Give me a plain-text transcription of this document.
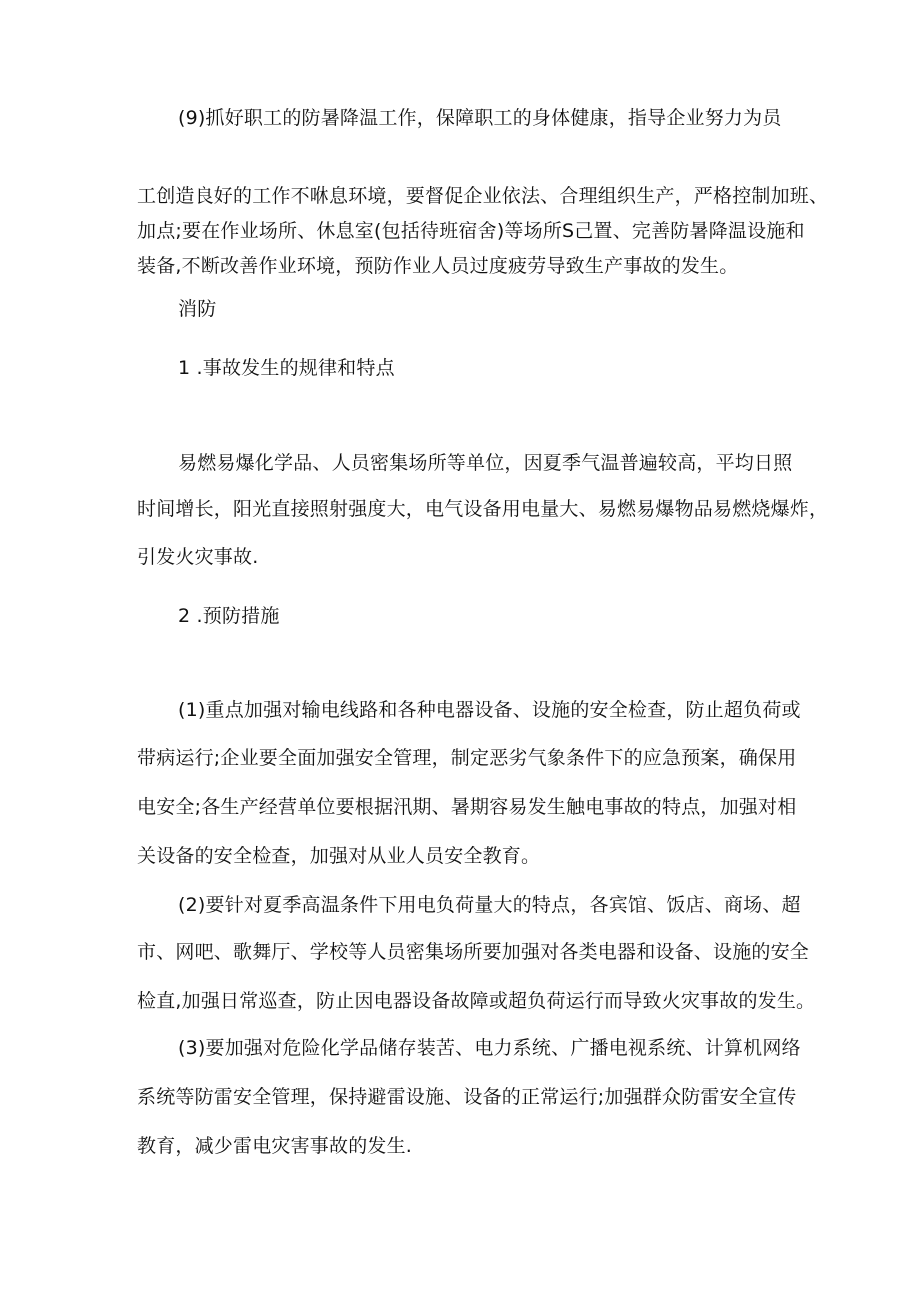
(9)抓好职工的防暑降温工作，保障职工的身体健康，指导企业努力为员
工创造良好的工作不咻息环境，要督促企业依法、合理组织生产，严格控制加班、
加点;要在作业场所、休息室(包括待班宿舍)等场所S己置、完善防暑降温设施和
装备,不断改善作业环境，预防作业人员过度疲劳导致生产事故的发生。
消防
1 .事故发生的规律和特点
易燃易爆化学品、人员密集场所等单位，因夏季气温普遍较高，平均日照
时间增长，阳光直接照射强度大，电气设备用电量大、易燃易爆物品易燃烧爆炸，
引发火灾事故.
2 .预防措施
(1)重点加强对输电线路和各种电器设备、设施的安全检查，防止超负荷或
带病运行;企业要全面加强安全管理，制定恶劣气象条件下的应急预案，确保用
电安全;各生产经营单位要根据汛期、暑期容易发生触电事故的特点，加强对相
关设备的安全检查，加强对从业人员安全教育。
(2)要针对夏季高温条件下用电负荷量大的特点，各宾馆、饭店、商场、超
市、网吧、歌舞厅、学校等人员密集场所要加强对各类电器和设备、设施的安全
检直,加强日常巡查，防止因电器设备故障或超负荷运行而导致火灾事故的发生。
(3)要加强对危险化学品储存装苦、电力系统、广播电视系统、计算机网络
系统等防雷安全管理，保持避雷设施、设备的正常运行;加强群众防雷安全宣传
教育，减少雷电灾害事故的发生.
